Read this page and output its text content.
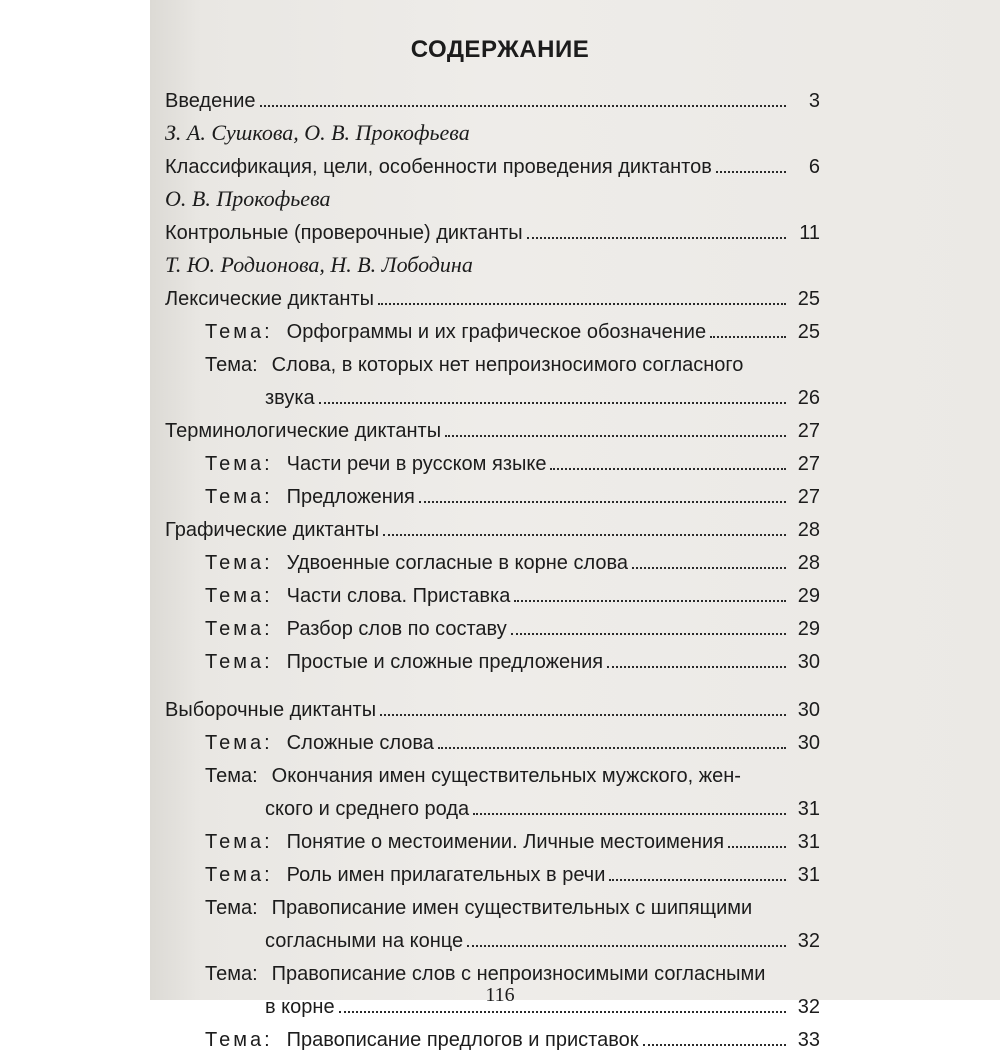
СОДЕРЖАНИЕ
Введение	3
З. А. Сушкова, О. В. Прокофьева
Классификация, цели, особенности проведения диктантов	6
О. В. Прокофьева
Контрольные (проверочные) диктанты	11
Т. Ю. Родионова, Н. В. Лободина
Лексические диктанты	25
Тема: Орфограммы и их графическое обозначение	25
Тема: Слова, в которых нет непроизносимого согласного
звука	26
Терминологические диктанты	27
Тема: Части речи в русском языке	27
Тема: Предложения	27
Графические диктанты	28
Тема: Удвоенные согласные в корне слова	28
Тема: Части слова. Приставка	29
Тема: Разбор слов по составу	29
Тема: Простые и сложные предложения	30
Выборочные диктанты	30
Тема: Сложные слова	30
Тема: Окончания имен существительных мужского, жен-
ского и среднего рода	31
Тема: Понятие о местоимении. Личные местоимения	31
Тема: Роль имен прилагательных в речи	31
Тема: Правописание имен существительных с шипящими
согласными на конце	32
Тема: Правописание слов с непроизносимыми согласными
в корне	32
Тема: Правописание предлогов и приставок	33
116
